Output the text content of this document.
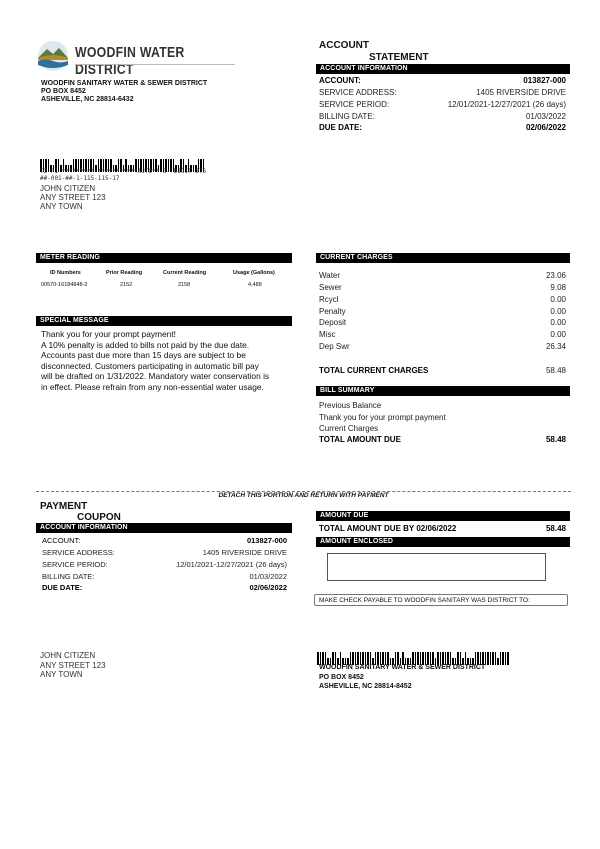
WOODFIN WATER DISTRICT
WOODFIN SANITARY WATER & SEWER DISTRICT
PO BOX 8452
ASHEVILLE, NC 28814-6432
ACCOUNT
STATEMENT
ACCOUNT INFORMATION
ACCOUNT:	013827-000
SERVICE ADDRESS:	1405 RIVERSIDE DRIVE
SERVICE PERIOD:	12/01/2021-12/27/2021 (26 days)
BILLING DATE:	01/03/2022
DUE DATE:	02/06/2022
T2 P1 *********************AUTO** 3- DIGIT 276
##-001-##-1-115-115-17
JOHN CITIZEN
ANY STREET 123
ANY TOWN
METER READING
ID Numbers	Prior Reading	Current Reading	Usage (Gallons)
00570-16184848-2	2152	2158	4,488
SPECIAL MESSAGE
Thank you for your prompt payment!
A 10% penalty is added to bills not paid by the due date.
Accounts past due more than 15 days are subject to be
disconnected. Customers participating in automatic bill pay
will be drafted on 1/31/2022. Mandatory water conservation is
in effect. Please refrain from any non-essential water usage.
CURRENT CHARGES
Water	23.06
Sewer	9.08
Rcycl	0.00
Penalty	0.00
Deposit	0.00
Misc	0.00
Dep Swr	26.34
TOTAL CURRENT CHARGES	58.48
BILL SUMMARY
Previous Balance
Thank you for your prompt payment
Current Charges
TOTAL AMOUNT DUE	58.48
DETACH THIS PORTION AND RETURN WITH PAYMENT
PAYMENT
COUPON
ACCOUNT INFORMATION
ACCOUNT:	013827-000
SERVICE ADDRESS:	1405 RIVERSIDE DRIVE
SERVICE PERIOD:	12/01/2021-12/27/2021 (26 days)
BILLING DATE:	01/03/2022
DUE DATE:	02/06/2022
AMOUNT DUE
TOTAL AMOUNT DUE BY 02/06/2022	58.48
AMOUNT ENCLOSED
MAKE CHECK PAYABLE TO WOODFIN SANITARY WAS DISTRICT TO:
JOHN CITIZEN
ANY STREET 123
ANY TOWN
WOODFIN SANITARY WATER & SEWER DISTRICT
PO BOX 8452
ASHEVILLE, NC 28814-8452
